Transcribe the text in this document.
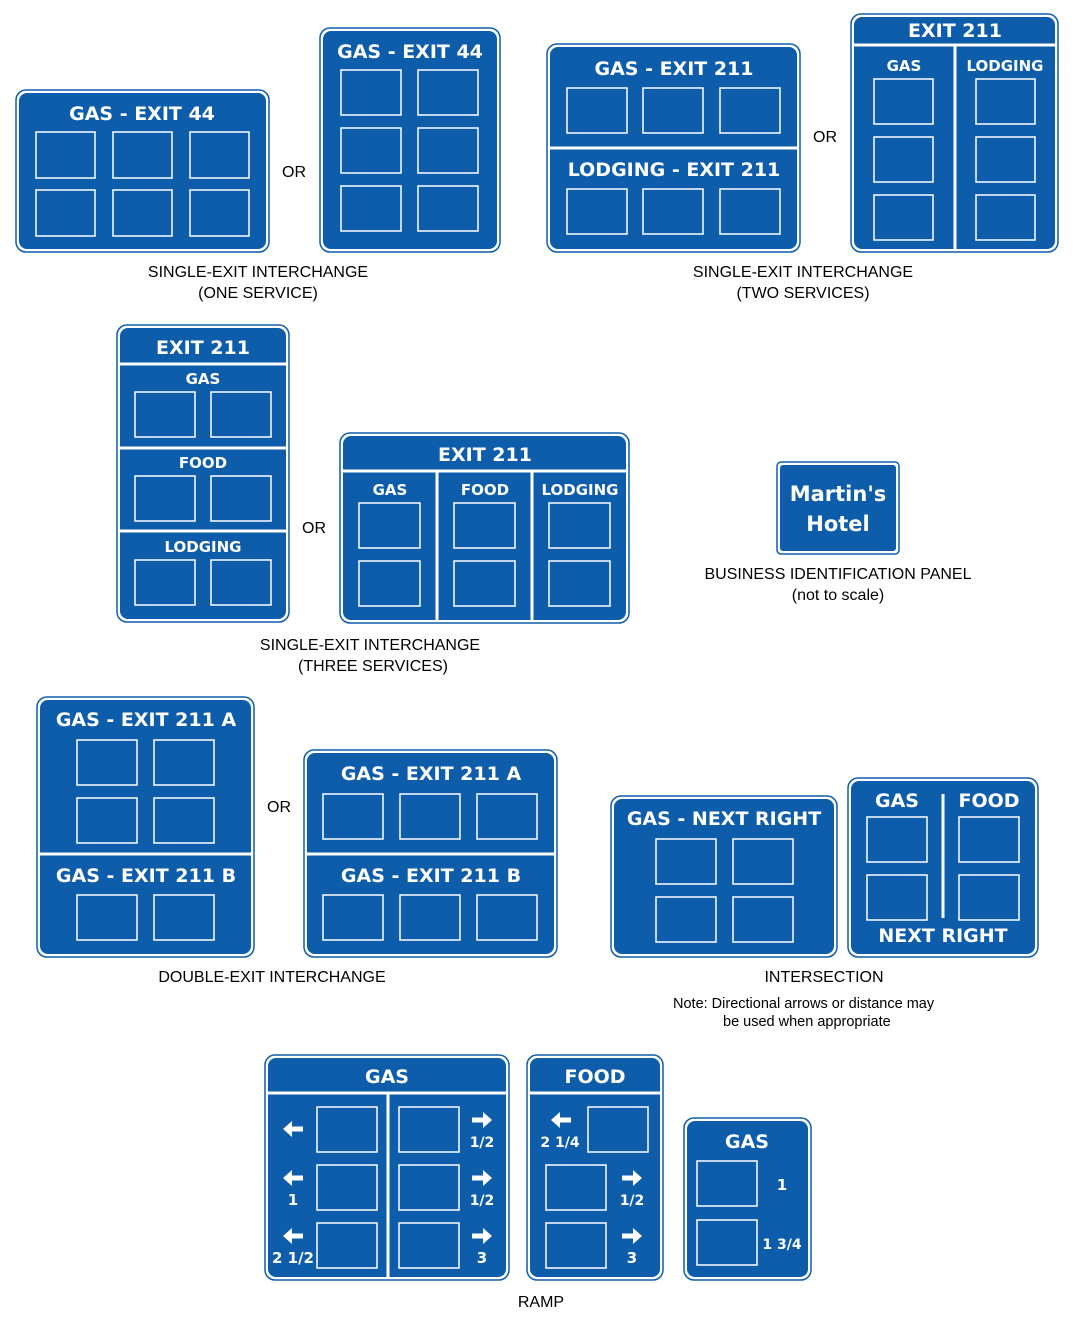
GAS - EXIT 44
OR
GAS - EXIT 44
SINGLE-EXIT INTERCHANGE
(ONE SERVICE)
GAS - EXIT 211
LODGING - EXIT 211
OR
EXIT 211
GAS	LODGING
SINGLE-EXIT INTERCHANGE
(TWO SERVICES)
EXIT 211
GAS
FOOD
LODGING
OR
EXIT 211
GAS	FOOD LODGING
SINGLE-EXIT INTERCHANGE
(THREE SERVICES)
Martin's
Hotel
BUSINESS IDENTIFICATION PANEL
(not to scale)
GAS - EXIT 211 A
GAS - EXIT 211 B
OR
GAS - EXIT 211 A
GAS - EXIT 211 B
DOUBLE-EXIT INTERCHANGE
GAS - NEXT RIGHT
GAS FOOD
NEXT RIGHT
INTERSECTION
Note: Directional arrows or distance may
be used when appropriate
GAS
1
2 1/2
1/2
1/2
3
FOOD
2 1/4
1/2
3
GAS
1
1 3/4
RAMP
